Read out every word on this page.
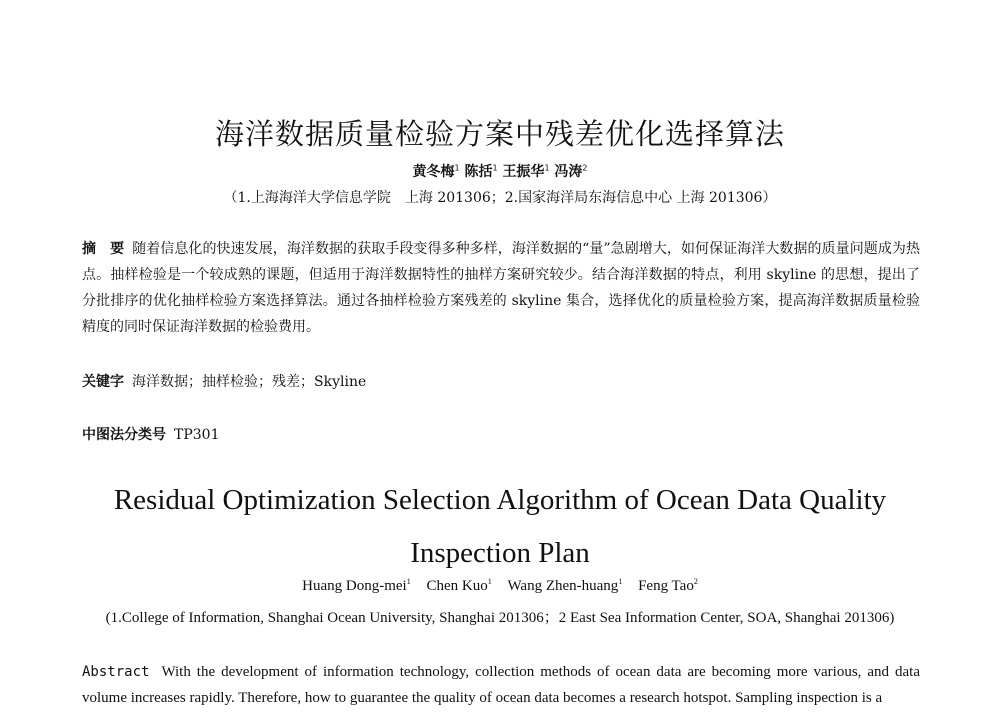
海洋数据质量检验方案中残差优化选择算法
黄冬梅$^1$ 陈括$^1$ 王振华$^1$ 冯涛$^2$
（1.上海海洋大学信息学院　上海 201306；2.国家海洋局东海信息中心 上海 201306）
摘　要 随着信息化的快速发展，海洋数据的获取手段变得多种多样，海洋数据的“量”急剧增大，如何保证海洋大数据的质量问题成为热点。抽样检验是一个较成熟的课题，但适用于海洋数据特性的抽样方案研究较少。结合海洋数据的特点，利用 skyline 的思想，提出了分批排序的优化抽样检验方案选择算法。通过各抽样检验方案残差的 skyline 集合，选择优化的质量检验方案，提高海洋数据质量检验精度的同时保证海洋数据的检验费用。
关键字 海洋数据；抽样检验；残差；Skyline
中图法分类号 TP301
Residual Optimization Selection Algorithm of Ocean Data Quality Inspection Plan
Huang Dong-mei$^1$ Chen Kuo$^1$ Wang Zhen-huang$^1$ Feng Tao$^2$
(1.College of Information, Shanghai Ocean University, Shanghai 201306；2 East Sea Information Center, SOA, Shanghai 201306)
Abstract With the development of information technology, collection methods of ocean data are becoming more various, and data volume increases rapidly. Therefore, how to guarantee the quality of ocean data becomes a research hotspot. Sampling inspection is a
